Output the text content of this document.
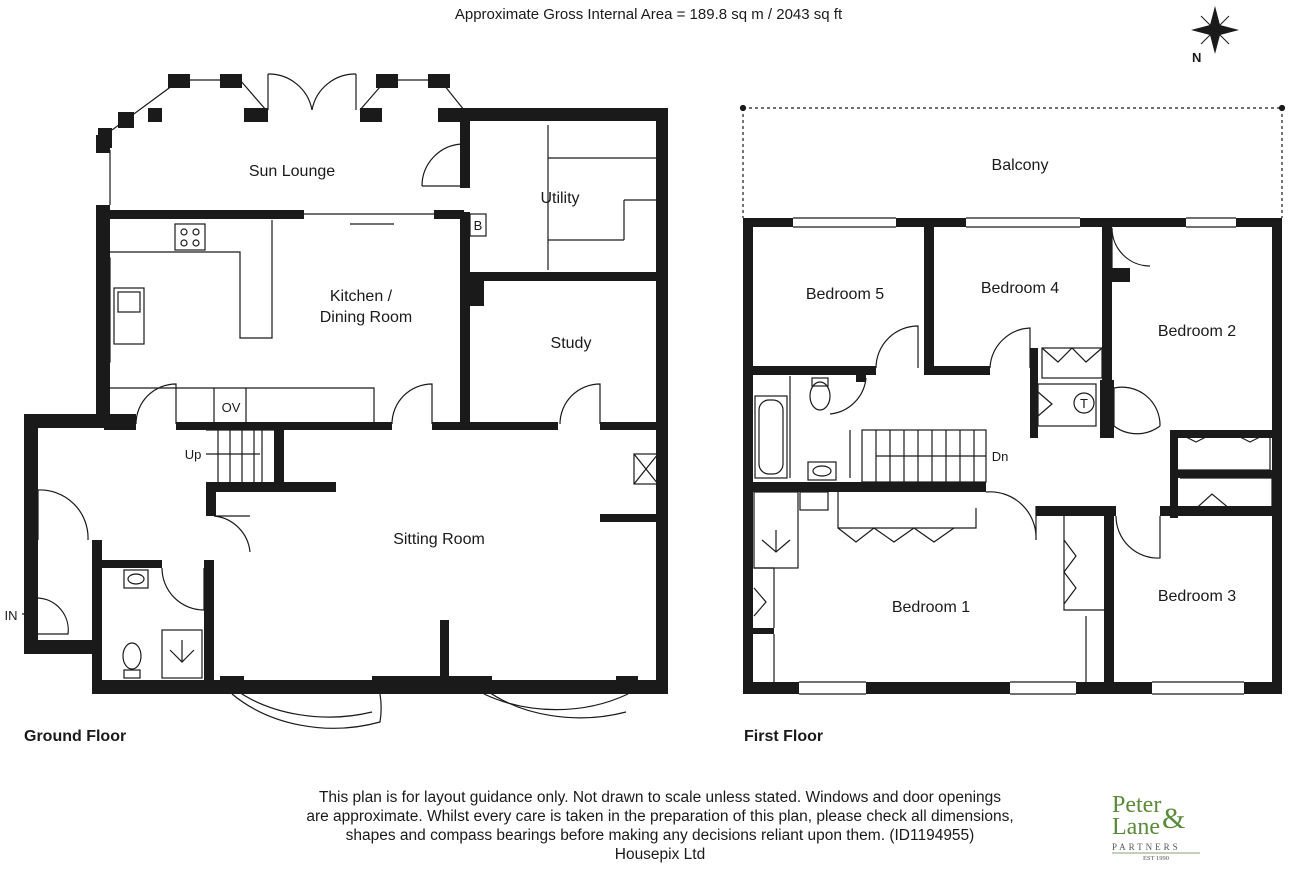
Approximate Gross Internal Area = 189.8 sq m / 2043 sq ft
Sun Lounge
Utility
B
Kitchen /
Dining Room
Study
OV
Up
Sitting Room
IN
Ground Floor
Balcony
Bedroom 5	Bedroom 4
Bedroom 2
T
Dn
Bedroom 1
Bedroom 3
First Floor
N
This plan is for layout guidance only. Not drawn to scale unless stated. Windows and door openings
are approximate. Whilst every care is taken in the preparation of this plan, please check all dimensions,
shapes and compass bearings before making any decisions reliant upon them. (ID1194955)
Housepix Ltd
Peter
Lane &
PARTNERS
EST 1990
